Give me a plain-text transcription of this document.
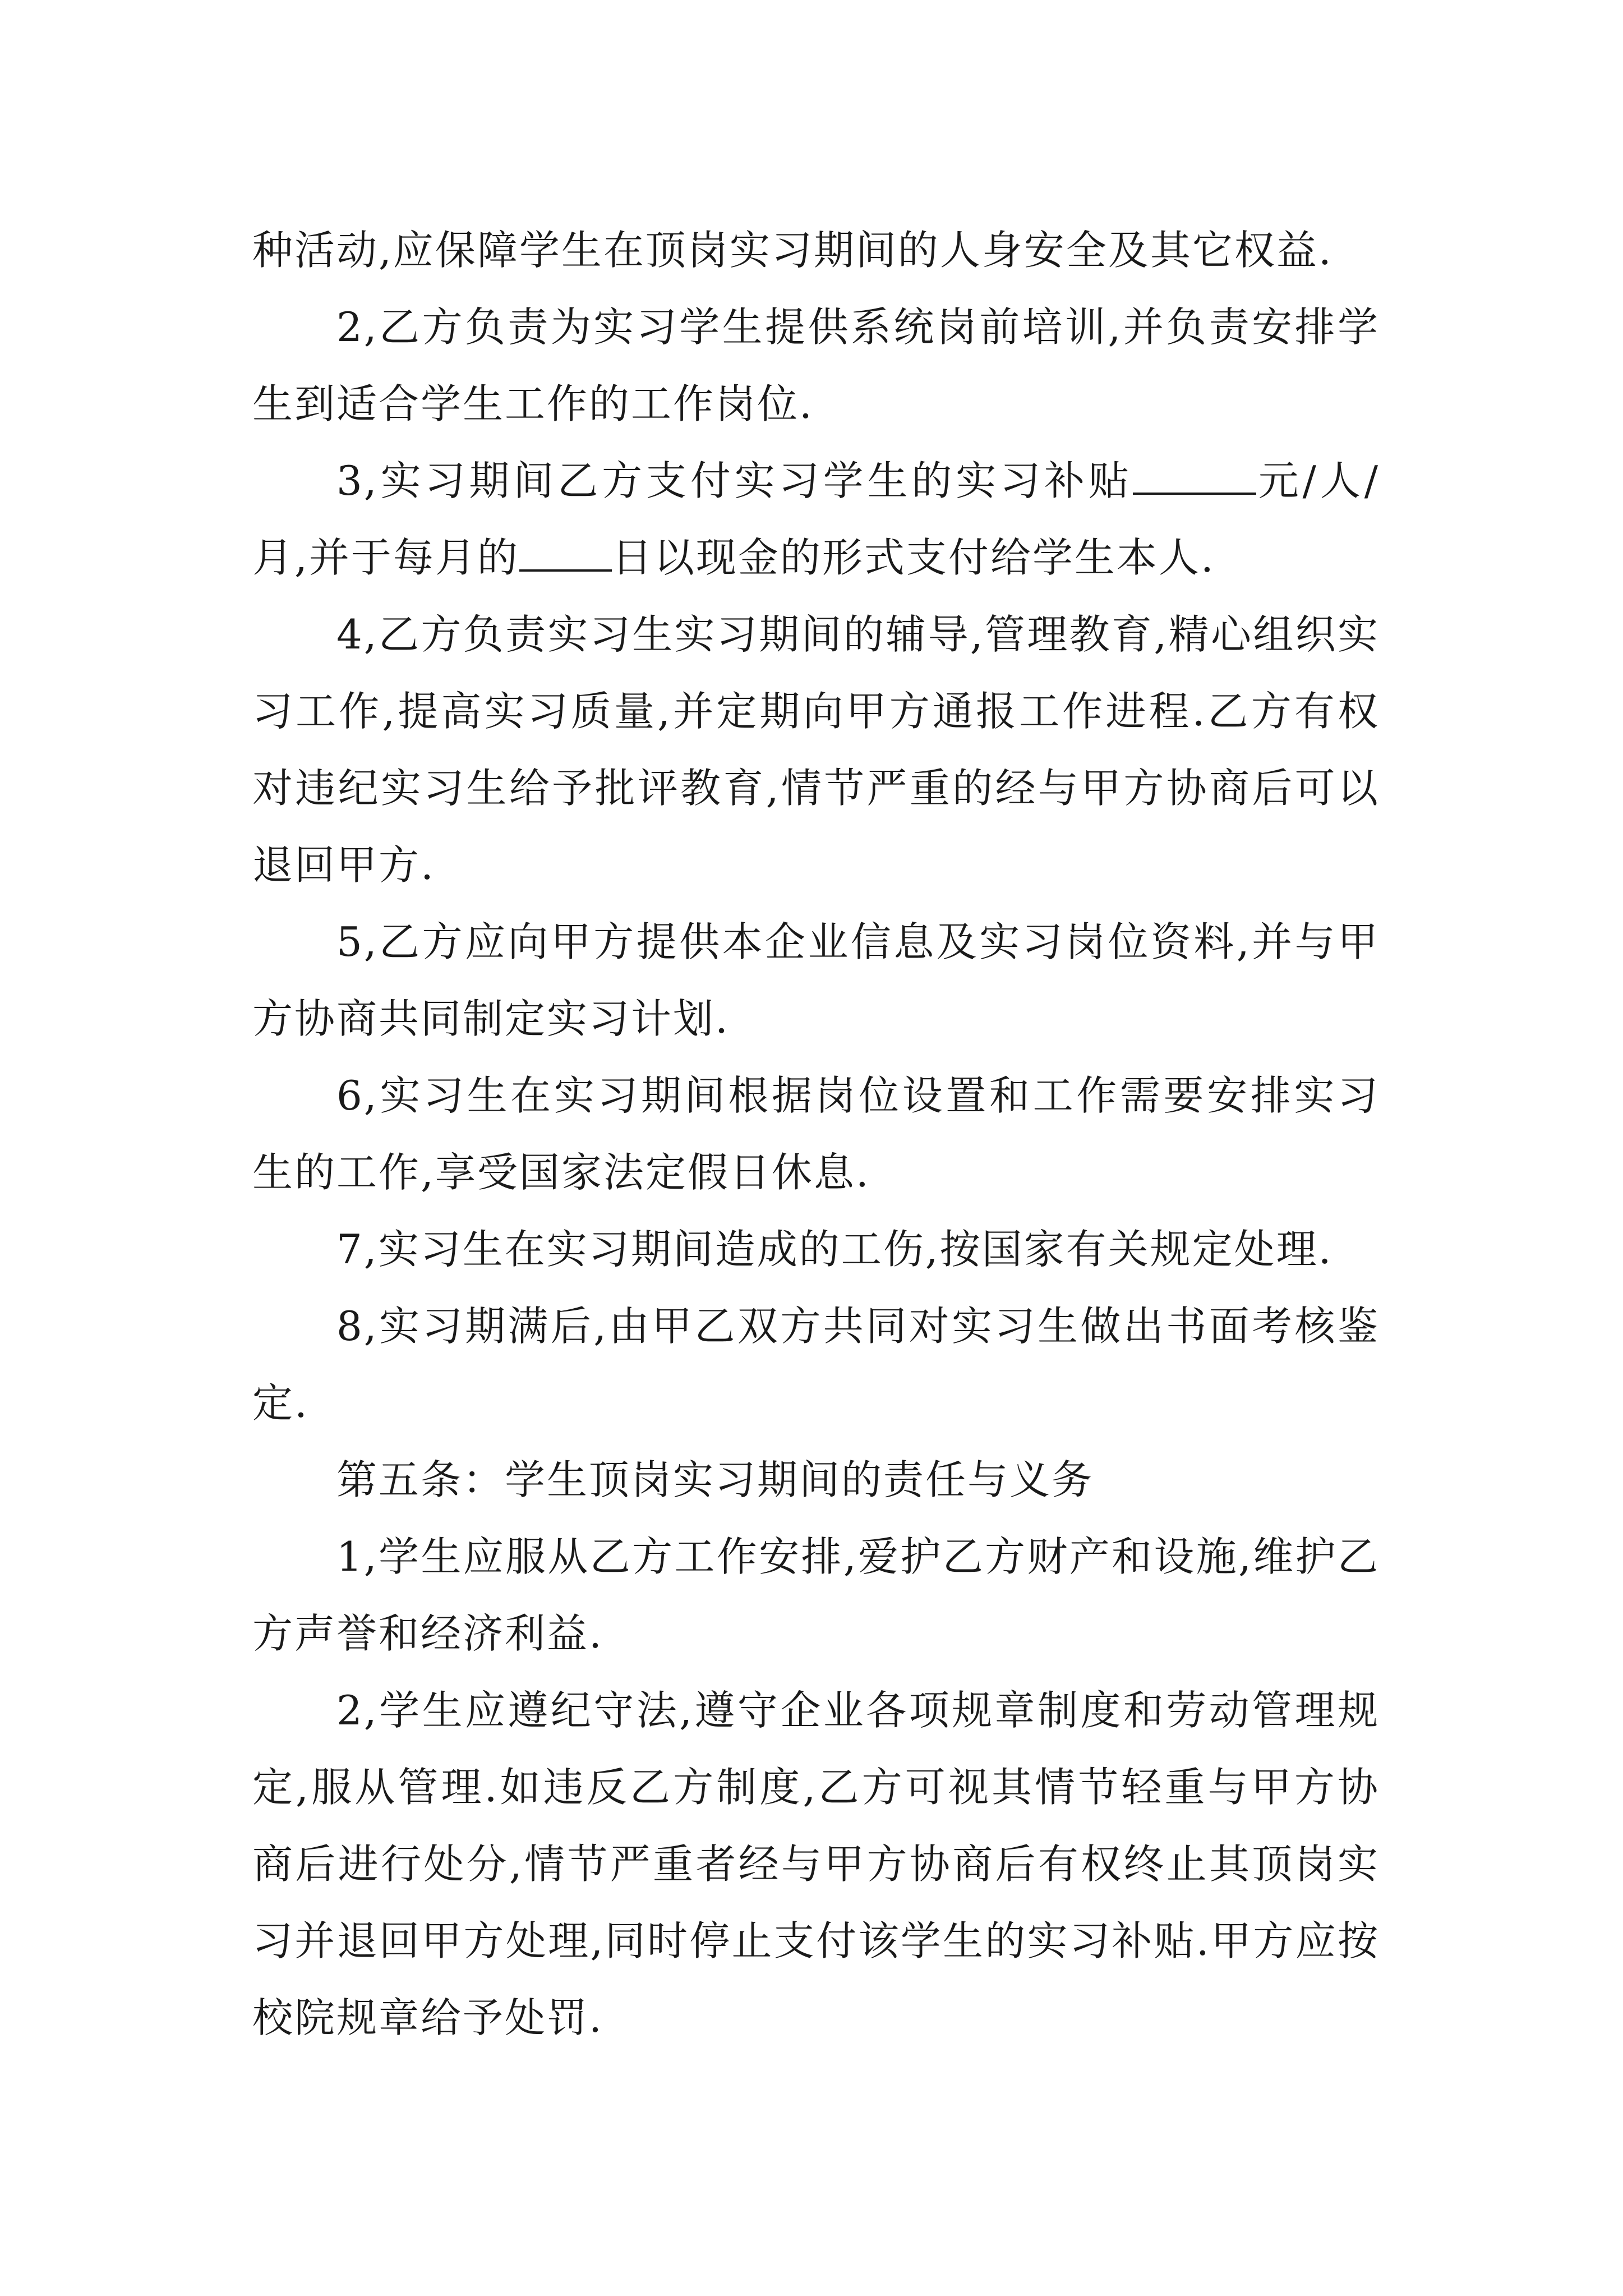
种活动,应保障学生在顶岗实习期间的人身安全及其它权益.

2,乙方负责为实习学生提供系统岗前培训,并负责安排学生到适合学生工作的工作岗位.

3,实习期间乙方支付实习学生的实习补贴	元/人/月,并于每月的 日以现金的形式支付给学生本人.

4,乙方负责实习生实习期间的辅导,管理教育,精心组织实习工作,提高实习质量,并定期向甲方通报工作进程.乙方有权对违纪实习生给予批评教育,情节严重的经与甲方协商后可以退回甲方.

5,乙方应向甲方提供本企业信息及实习岗位资料,并与甲方协商共同制定实习计划.

6,实习生在实习期间根据岗位设置和工作需要安排实习生的工作,享受国家法定假日休息.

7,实习生在实习期间造成的工伤,按国家有关规定处理.

8,实习期满后,由甲乙双方共同对实习生做出书面考核鉴定.

第五条：学生顶岗实习期间的责任与义务

1,学生应服从乙方工作安排,爱护乙方财产和设施,维护乙方声誉和经济利益.

2,学生应遵纪守法,遵守企业各项规章制度和劳动管理规定,服从管理.如违反乙方制度,乙方可视其情节轻重与甲方协商后进行处分,情节严重者经与甲方协商后有权终止其顶岗实习并退回甲方处理,同时停止支付该学生的实习补贴.甲方应按校院规章给予处罚.
